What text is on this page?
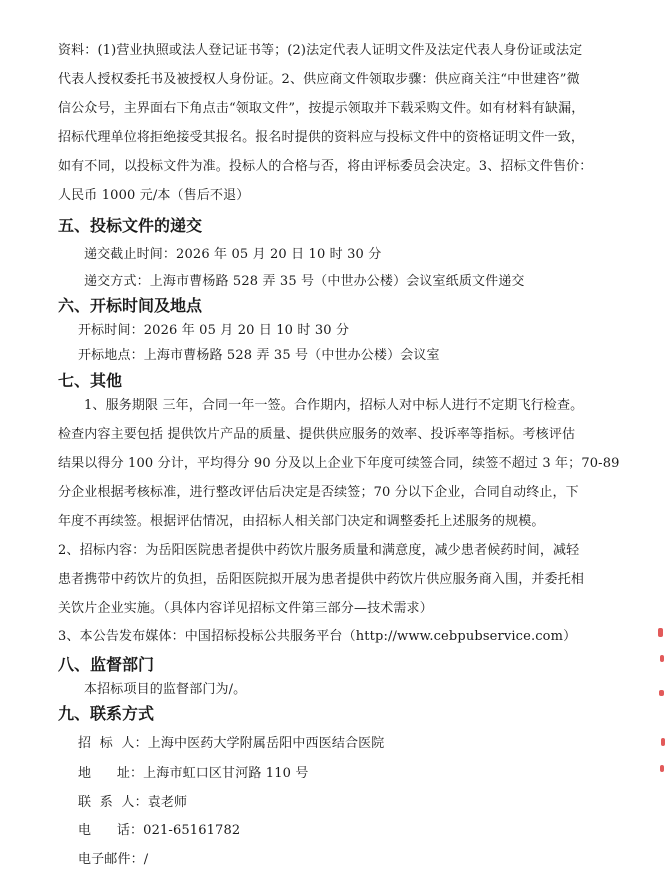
资料：(1)营业执照或法人登记证书等；(2)法定代表人证明文件及法定代表人身份证或法定
代表人授权委托书及被授权人身份证。2、供应商文件领取步骤：供应商关注“中世建咨”微
信公众号，主界面右下角点击“领取文件”，按提示领取并下载采购文件。如有材料有缺漏，
招标代理单位将拒绝接受其报名。报名时提供的资料应与投标文件中的资格证明文件一致，
如有不同，以投标文件为准。投标人的合格与否，将由评标委员会决定。3、招标文件售价：
人民币 1000 元/本（售后不退）
五、投标文件的递交
递交截止时间：2026 年 05 月 20 日 10 时 30 分
递交方式：上海市曹杨路 528 弄 35 号（中世办公楼）会议室纸质文件递交
六、开标时间及地点
开标时间：2026 年 05 月 20 日 10 时 30 分
开标地点：上海市曹杨路 528 弄 35 号（中世办公楼）会议室
七、其他
1、服务期限 三年，合同一年一签。合作期内，招标人对中标人进行不定期飞行检查。
检查内容主要包括 提供饮片产品的质量、提供供应服务的效率、投诉率等指标。考核评估
结果以得分 100 分计，平均得分 90 分及以上企业下年度可续签合同，续签不超过 3 年；70-89
分企业根据考核标准，进行整改评估后决定是否续签；70 分以下企业，合同自动终止，下
年度不再续签。根据评估情况，由招标人相关部门决定和调整委托上述服务的规模。
2、招标内容：为岳阳医院患者提供中药饮片服务质量和满意度，减少患者候药时间，减轻
患者携带中药饮片的负担，岳阳医院拟开展为患者提供中药饮片供应服务商入围，并委托相
关饮片企业实施。（具体内容详见招标文件第三部分—技术需求）
3、本公告发布媒体：中国招标投标公共服务平台（http://www.cebpubservice.com）
八、监督部门
本招标项目的监督部门为/。
九、联系方式
招  标  人：上海中医药大学附属岳阳中西医结合医院
地      址：上海市虹口区甘河路 110 号
联  系  人：袁老师
电      话：021-65161782
电子邮件：/
